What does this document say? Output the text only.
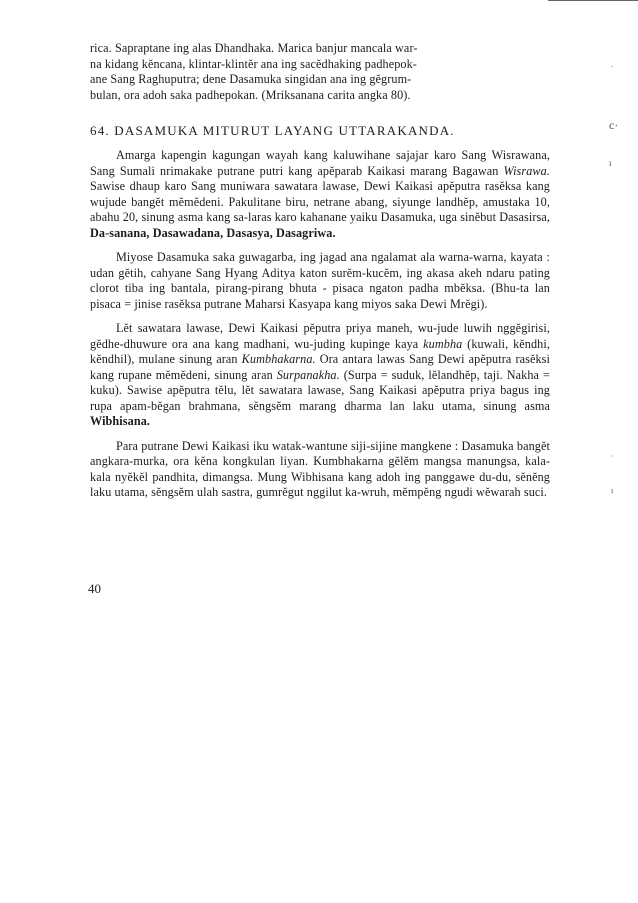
rica. Sapraptane ing alas Dhandhaka. Marica banjur mancala war-

na kidang kĕncana, klintar-klintĕr ana ing sacĕdhaking padhepok-

ane Sang Raghuputra; dene Dasamuka singidan ana ing gĕgrum-

bulan, ora adoh saka padhepokan. (Mriksanana carita angka 80).

64. DASAMUKA MITURUT LAYANG UTTARAKANDA.

Amarga kapengin kagungan wayah kang kaluwihane sajajar karo Sang Wisrawana, Sang Sumali nrimakake putrane putri kang apĕparab Kaikasi marang Bagawan Wisrawa. Sawise dhaup karo Sang muniwara sawatara lawase, Dewi Kaikasi apĕputra rasĕksa kang wujude bangĕt mĕmĕdeni. Pakulitane biru, netrane abang, siyunge landhĕp, amustaka 10, abahu 20, sinung asma kang sa-laras karo kahanane yaiku Dasamuka, uga sinĕbut Dasasirsa, Da-sanana, Dasawadana, Dasasya, Dasagriwa.

Miyose Dasamuka saka guwagarba, ing jagad ana ngalamat ala warna-warna, kayata : udan gĕtih, cahyane Sang Hyang Aditya katon surĕm-kucĕm, ing akasa akeh ndaru pating clorot tiba ing bantala, pirang-pirang bhuta - pisaca ngaton padha mbĕksa. (Bhu-ta lan pisaca = jinise rasĕksa putrane Maharsi Kasyapa kang miyos saka Dewi Mrĕgi).

Lĕt sawatara lawase, Dewi Kaikasi pĕputra priya maneh, wu-jude luwih nggĕgirisi, gĕdhe-dhuwure ora ana kang madhani, wu-juding kupinge kaya kumbha (kuwali, kĕndhi, kĕndhil), mulane sinung aran Kumbhakarna. Ora antara lawas Sang Dewi apĕputra rasĕksi kang rupane mĕmĕdeni, sinung aran Surpanakha. (Surpa = suduk, lĕlandhĕp, taji. Nakha = kuku). Sawise apĕputra tĕlu, lĕt sawatara lawase, Sang Kaikasi apĕputra priya bagus ing rupa apam-bĕgan brahmana, sĕngsĕm marang dharma lan laku utama, sinung asma Wibhisana.

Para putrane Dewi Kaikasi iku watak-wantune siji-sijine mangkene : Dasamuka bangĕt angkara-murka, ora kĕna kongkulan liyan. Kumbhakarna gĕlĕm mangsa manungsa, kala-kala nyĕkĕl pandhita, dimangsa. Mung Wibhisana kang adoh ing panggawe du-du, sĕnĕng laku utama, sĕngsĕm ulah sastra, gumrĕgut nggilut ka-wruh, mĕmpĕng ngudi wĕwarah suci.

40
c·
ı
.
·
ı
